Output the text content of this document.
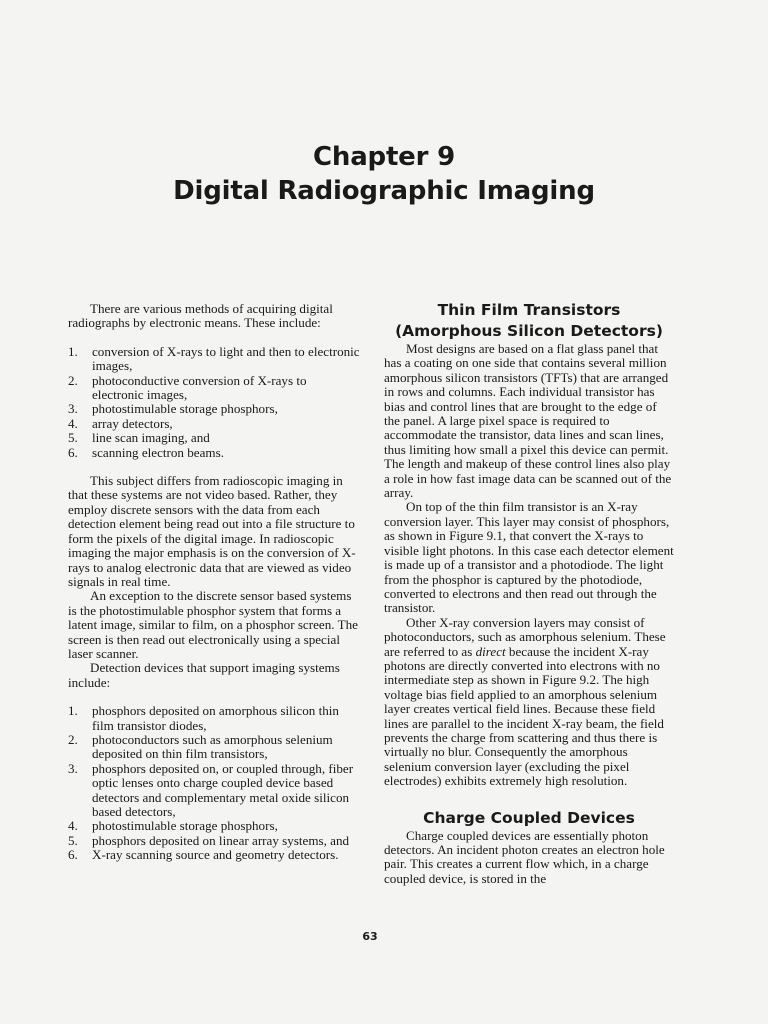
Chapter 9
Digital Radiographic Imaging

There are various methods of acquiring digital radiographs by electronic means. These include:

1. conversion of X-rays to light and then to electronic images,
2. photoconductive conversion of X-rays to electronic images,
3. photostimulable storage phosphors,
4. array detectors,
5. line scan imaging, and
6. scanning electron beams.

This subject differs from radioscopic imaging in that these systems are not video based. Rather, they employ discrete sensors with the data from each detection element being read out into a file structure to form the pixels of the digital image. In radioscopic imaging the major emphasis is on the conversion of X-rays to analog electronic data that are viewed as video signals in real time.

An exception to the discrete sensor based systems is the photostimulable phosphor system that forms a latent image, similar to film, on a phosphor screen. The screen is then read out electronically using a special laser scanner.

Detection devices that support imaging systems include:

1. phosphors deposited on amorphous silicon thin film transistor diodes,
2. photoconductors such as amorphous selenium deposited on thin film transistors,
3. phosphors deposited on, or coupled through, fiber optic lenses onto charge coupled device based detectors and complementary metal oxide silicon based detectors,
4. photostimulable storage phosphors,
5. phosphors deposited on linear array systems, and
6. X-ray scanning source and geometry detectors.
Thin Film Transistors
(Amorphous Silicon Detectors)

Most designs are based on a flat glass panel that has a coating on one side that contains several million amorphous silicon transistors (TFTs) that are arranged in rows and columns. Each individual transistor has bias and control lines that are brought to the edge of the panel. A large pixel space is required to accommodate the transistor, data lines and scan lines, thus limiting how small a pixel this device can permit. The length and makeup of these control lines also play a role in how fast image data can be scanned out of the array.

On top of the thin film transistor is an X-ray conversion layer. This layer may consist of phosphors, as shown in Figure 9.1, that convert the X-rays to visible light photons. In this case each detector element is made up of a transistor and a photodiode. The light from the phosphor is captured by the photodiode, converted to electrons and then read out through the transistor.

Other X-ray conversion layers may consist of photoconductors, such as amorphous selenium. These are referred to as direct because the incident X-ray photons are directly converted into electrons with no intermediate step as shown in Figure 9.2. The high voltage bias field applied to an amorphous selenium layer creates vertical field lines. Because these field lines are parallel to the incident X-ray beam, the field prevents the charge from scattering and thus there is virtually no blur. Consequently the amorphous selenium conversion layer (excluding the pixel electrodes) exhibits extremely high resolution.

Charge Coupled Devices

Charge coupled devices are essentially photon detectors. An incident photon creates an electron hole pair. This creates a current flow which, in a charge coupled device, is stored in the

63
